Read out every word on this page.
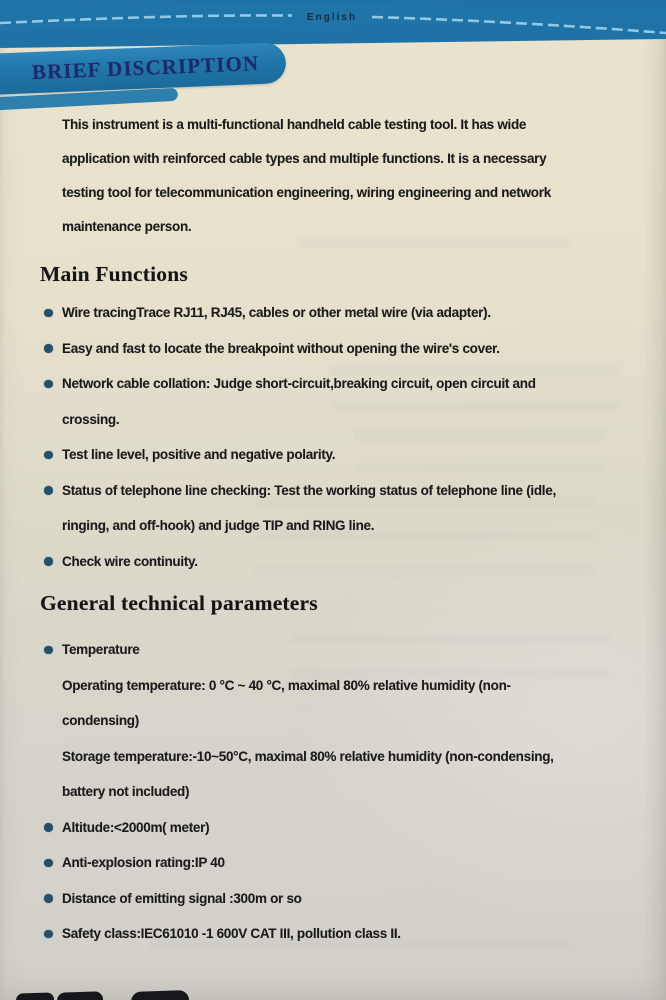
English
BRIEF DISCRIPTION
This instrument is a multi-functional handheld cable testing tool. It has wide
application with reinforced cable types and multiple functions. It is a necessary
testing tool for telecommunication engineering, wiring engineering and network
maintenance person.
Main Functions
Wire tracingTrace RJ11, RJ45, cables or other metal wire (via adapter).
Easy and fast to locate the breakpoint without opening the wire's cover.
Network cable collation: Judge short-circuit,breaking circuit, open circuit and
crossing.
Test line level, positive and negative polarity.
Status of telephone line checking: Test the working status of telephone line (idle,
ringing, and off-hook) and judge TIP and RING line.
Check wire continuity.
General technical parameters
Temperature
Operating temperature: 0 °C ~ 40 °C, maximal 80% relative humidity (non-
condensing)
Storage temperature:-10~50°C, maximal 80% relative humidity (non-condensing,
battery not included)
Altitude:<2000m( meter)
Anti-explosion rating:IP 40
Distance of emitting signal :300m or so
Safety class:IEC61010 -1 600V CAT III, pollution class II.
